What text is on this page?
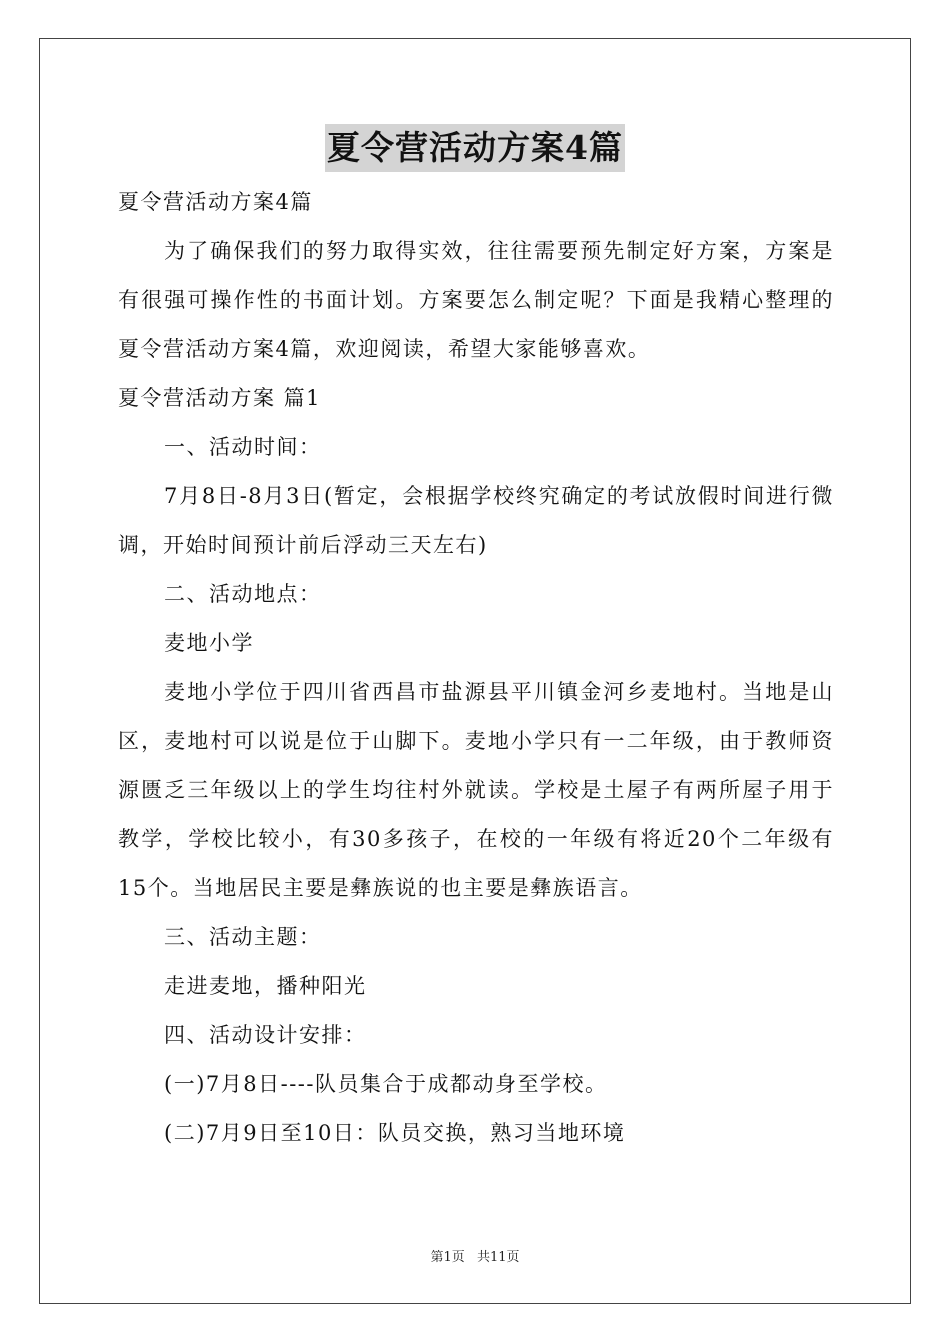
夏令营活动方案4篇

夏令营活动方案4篇

为了确保我们的努力取得实效，往往需要预先制定好方案，方案是有很强可操作性的书面计划。方案要怎么制定呢？下面是我精心整理的夏令营活动方案4篇，欢迎阅读，希望大家能够喜欢。

夏令营活动方案 篇1

一、活动时间：

7月8日-8月3日(暂定，会根据学校终究确定的考试放假时间进行微调，开始时间预计前后浮动三天左右)

二、活动地点：

麦地小学

麦地小学位于四川省西昌市盐源县平川镇金河乡麦地村。当地是山区，麦地村可以说是位于山脚下。麦地小学只有一二年级，由于教师资源匮乏三年级以上的学生均往村外就读。学校是土屋子有两所屋子用于教学，学校比较小，有30多孩子，在校的一年级有将近20个二年级有15个。当地居民主要是彝族说的也主要是彝族语言。

三、活动主题：

走进麦地，播种阳光

四、活动设计安排：

(一)7月8日----队员集合于成都动身至学校。

(二)7月9日至10日：队员交换，熟习当地环境

第1页 共11页
